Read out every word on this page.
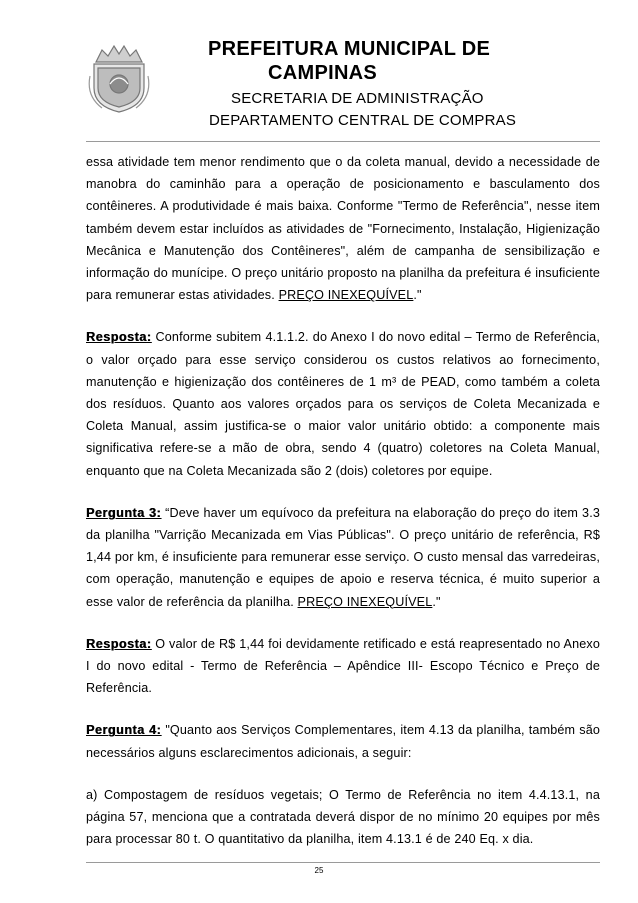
PREFEITURA MUNICIPAL DE
CAMPINAS
SECRETARIA DE ADMINISTRAÇÃO
DEPARTAMENTO CENTRAL DE COMPRAS

essa atividade tem menor rendimento que o da coleta manual, devido a necessidade de manobra do caminhão para a operação de posicionamento e basculamento dos contêineres. A produtividade é mais baixa. Conforme "Termo de Referência", nesse item também devem estar incluídos as atividades de "Fornecimento, Instalação, Higienização Mecânica e Manutenção dos Contêineres", além de campanha de sensibilização e informação do munícipe. O preço unitário proposto na planilha da prefeitura é insuficiente para remunerar estas atividades. PREÇO INEXEQUÍVEL."

Resposta: Conforme subitem 4.1.1.2. do Anexo I do novo edital – Termo de Referência, o valor orçado para esse serviço considerou os custos relativos ao fornecimento, manutenção e higienização dos contêineres de 1 m³ de PEAD, como também a coleta dos resíduos. Quanto aos valores orçados para os serviços de Coleta Mecanizada e Coleta Manual, assim justifica-se o maior valor unitário obtido: a componente mais significativa refere-se a mão de obra, sendo 4 (quatro) coletores na Coleta Manual, enquanto que na Coleta Mecanizada são 2 (dois) coletores por equipe.

Pergunta 3: “Deve haver um equívoco da prefeitura na elaboração do preço do item 3.3 da planilha "Varrição Mecanizada em Vias Públicas". O preço unitário de referência, R$ 1,44 por km, é insuficiente para remunerar esse serviço. O custo mensal das varredeiras, com operação, manutenção e equipes de apoio e reserva técnica, é muito superior a esse valor de referência da planilha. PREÇO INEXEQUÍVEL."

Resposta: O valor de R$ 1,44 foi devidamente retificado e está reapresentado no Anexo I do novo edital - Termo de Referência – Apêndice III- Escopo Técnico e Preço de Referência.

Pergunta 4: "Quanto aos Serviços Complementares, item 4.13 da planilha, também são necessários alguns esclarecimentos adicionais, a seguir:

a) Compostagem de resíduos vegetais; O Termo de Referência no item 4.4.13.1, na página 57, menciona que a contratada deverá dispor de no mínimo 20 equipes por mês para processar 80 t. O quantitativo da planilha, item 4.13.1 é de 240 Eq. x dia.

25
